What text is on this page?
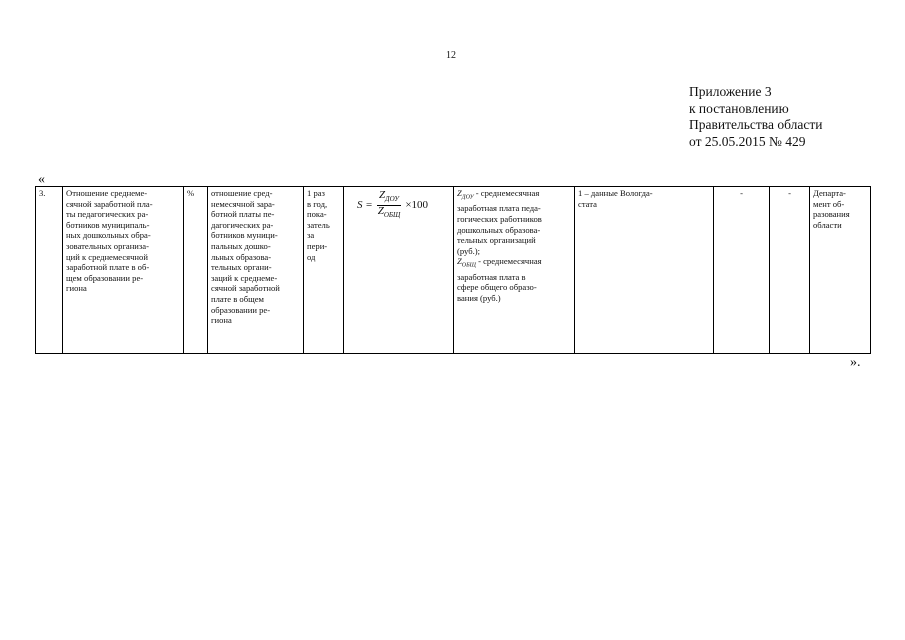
12
Приложение 3
к постановлению
Правительства области
от 25.05.2015 № 429
«
3.	Отношение среднеме-
сячной заработной пла-
ты педагогических ра-
ботников муниципаль-
ных дошкольных обра-
зовательных организа-
ций к среднемесячной
заработной плате в об-
щем образовании ре-
гиона	%	отношение сред-
немесячной зара-
ботной платы пе-
дагогических ра-
ботников муници-
пальных дошко-
льных образова-
тельных органи-
заций к среднеме-
сячной заработной
плате в общем
образовании ре-
гиона	1 раз
в год,
пока-
затель
за
пери-
од	
$S = \frac{Z_{ДОУ}}{Z_{ОБЩ}} \times 100$
	$Z_{ДОУ}$ - среднемесячная
заработная плата педа-
гогических работников
дошкольных образова-
тельных организаций
(руб.);
$Z_{ОБЩ}$ - среднемесячная
заработная плата в
сфере общего образо-
вания (руб.)	1 – данные Вологда-
стата	-	-	Департа-
мент об-
разования
области
».
